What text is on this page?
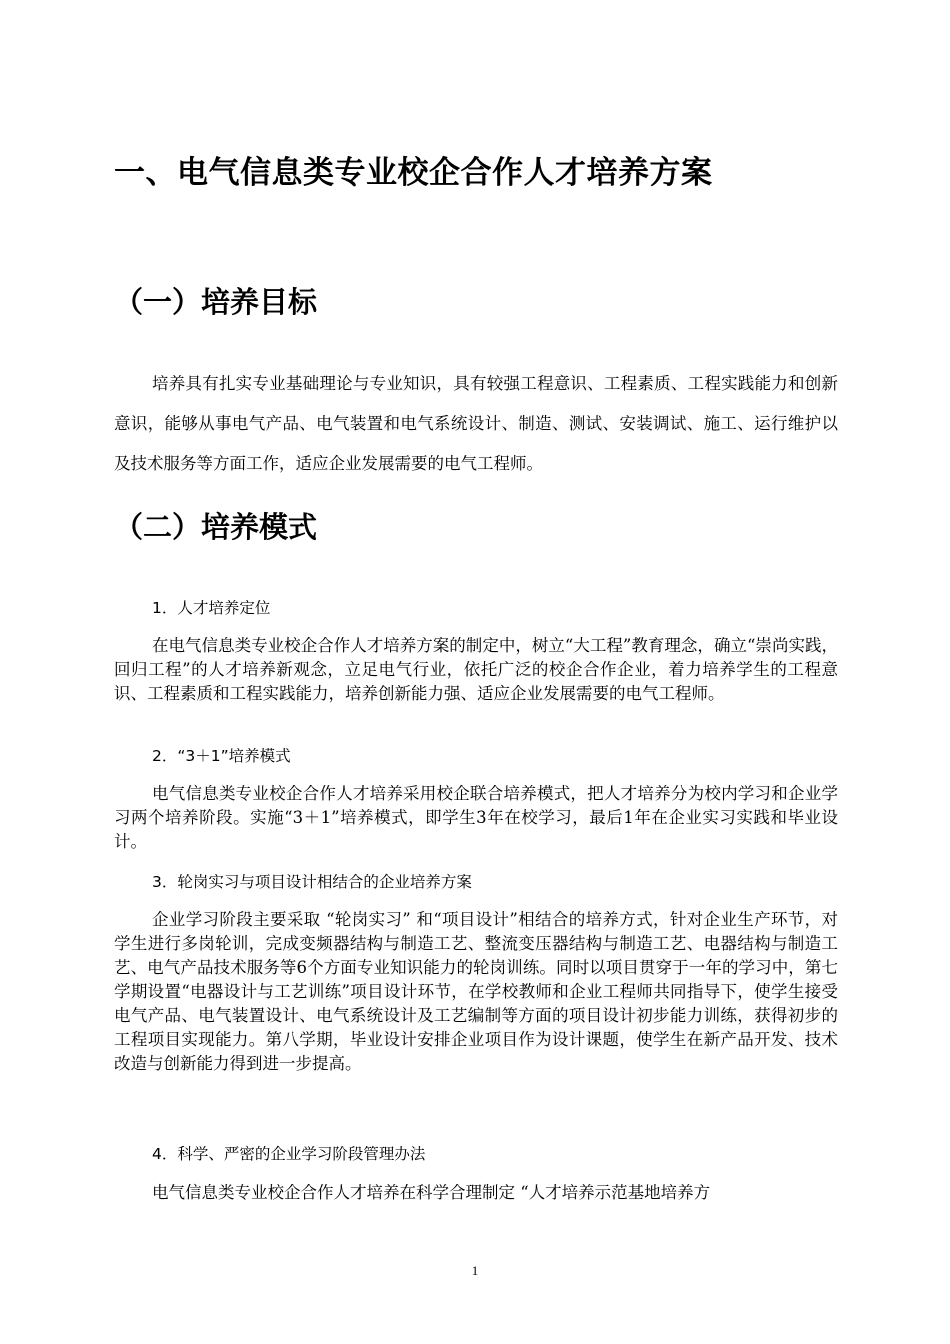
一、电气信息类专业校企合作人才培养方案
（一）培养目标

培养具有扎实专业基础理论与专业知识，具有较强工程意识、工程素质、工程实践能力和创新意识，能够从事电气产品、电气装置和电气系统设计、制造、测试、安装调试、施工、运行维护以及技术服务等方面工作，适应企业发展需要的电气工程师。

（二）培养模式
1．人才培养定位

在电气信息类专业校企合作人才培养方案的制定中，树立“大工程”教育理念，确立“崇尚实践，回归工程”的人才培养新观念，立足电气行业，依托广泛的校企合作企业，着力培养学生的工程意识、工程素质和工程实践能力，培养创新能力强、适应企业发展需要的电气工程师。

2．“3＋1”培养模式

电气信息类专业校企合作人才培养采用校企联合培养模式，把人才培养分为校内学习和企业学习两个培养阶段。实施“3＋1”培养模式，即学生3年在校学习，最后1年在企业实习实践和毕业设计。

3．轮岗实习与项目设计相结合的企业培养方案

企业学习阶段主要采取 “轮岗实习” 和“项目设计”相结合的培养方式，针对企业生产环节，对学生进行多岗轮训，完成变频器结构与制造工艺、整流变压器结构与制造工艺、电器结构与制造工艺、电气产品技术服务等6个方面专业知识能力的轮岗训练。同时以项目贯穿于一年的学习中，第七学期设置“电器设计与工艺训练”项目设计环节，在学校教师和企业工程师共同指导下，使学生接受电气产品、电气装置设计、电气系统设计及工艺编制等方面的项目设计初步能力训练，获得初步的工程项目实现能力。第八学期，毕业设计安排企业项目作为设计课题，使学生在新产品开发、技术改造与创新能力得到进一步提高。

4．科学、严密的企业学习阶段管理办法

电气信息类专业校企合作人才培养在科学合理制定 “人才培养示范基地培养方

1
